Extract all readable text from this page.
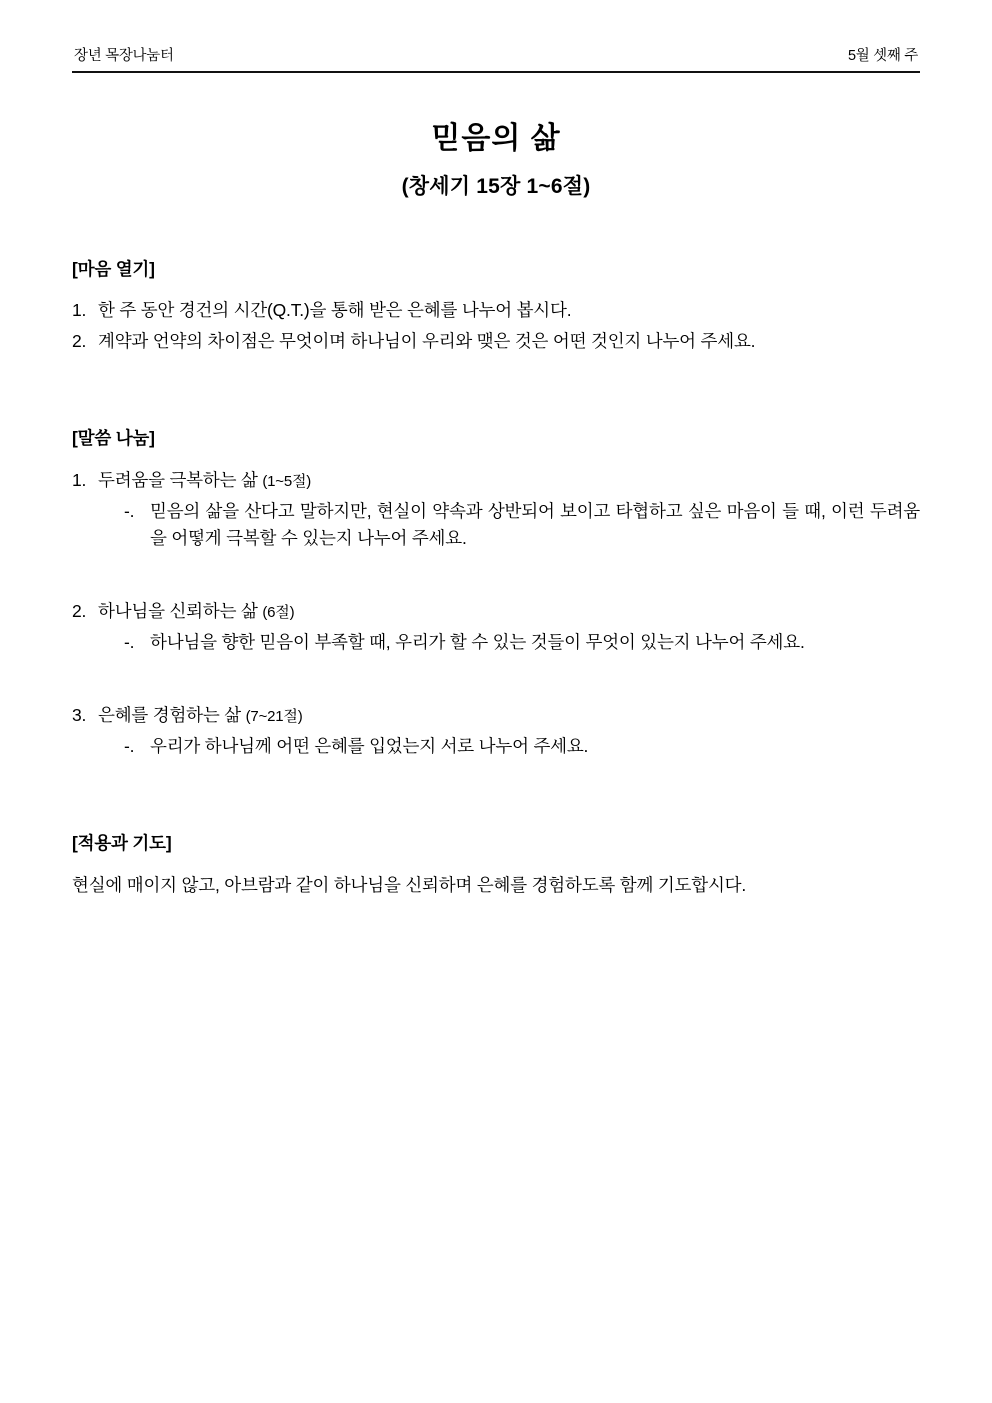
장년 목장나눔터	5월 셋째 주
믿음의 삶
(창세기 15장 1~6절)
[마음 열기]
1. 한 주 동안 경건의 시간(Q.T.)을 통해 받은 은혜를 나누어 봅시다.
2. 계약과 언약의 차이점은 무엇이며 하나님이 우리와 맺은 것은 어떤 것인지 나누어 주세요.
[말씀 나눔]
1. 두려움을 극복하는 삶 (1~5절)
-. 믿음의 삶을 산다고 말하지만, 현실이 약속과 상반되어 보이고 타협하고 싶은 마음이 들 때, 이런 두려움을 어떻게 극복할 수 있는지 나누어 주세요.
2. 하나님을 신뢰하는 삶 (6절)
-. 하나님을 향한 믿음이 부족할 때, 우리가 할 수 있는 것들이 무엇이 있는지 나누어 주세요.
3. 은혜를 경험하는 삶 (7~21절)
-. 우리가 하나님께 어떤 은혜를 입었는지 서로 나누어 주세요.
[적용과 기도]
현실에 매이지 않고, 아브람과 같이 하나님을 신뢰하며 은혜를 경험하도록 함께 기도합시다.
